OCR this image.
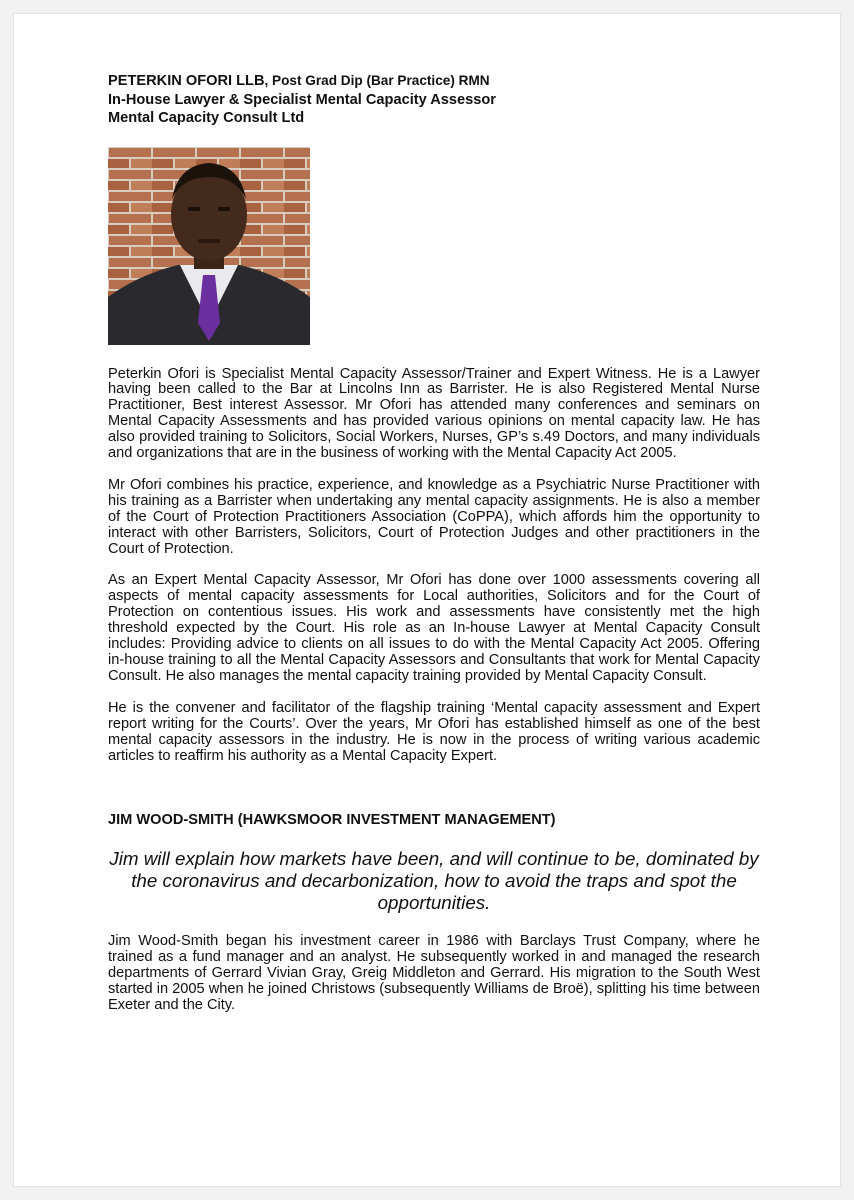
PETERKIN OFORI LLB, Post Grad Dip (Bar Practice) RMN

In-House Lawyer & Specialist Mental Capacity Assessor

Mental Capacity Consult Ltd

Peterkin Ofori is Specialist Mental Capacity Assessor/Trainer and Expert Witness. He is a Lawyer having been called to the Bar at Lincolns Inn as Barrister. He is also Registered Mental Nurse Practitioner, Best interest Assessor. Mr Ofori has attended many conferences and seminars on Mental Capacity Assessments and has provided various opinions on mental capacity law. He has also provided training to Solicitors, Social Workers, Nurses, GP’s s.49 Doctors, and many individuals and organizations that are in the business of working with the Mental Capacity Act 2005.

Mr Ofori combines his practice, experience, and knowledge as a Psychiatric Nurse Practitioner with his training as a Barrister when undertaking any mental capacity assignments. He is also a member of the Court of Protection Practitioners Association (CoPPA), which affords him the opportunity to interact with other Barristers, Solicitors, Court of Protection Judges and other practitioners in the Court of Protection.

As an Expert Mental Capacity Assessor, Mr Ofori has done over 1000 assessments covering all aspects of mental capacity assessments for Local authorities, Solicitors and for the Court of Protection on contentious issues. His work and assessments have consistently met the high threshold expected by the Court. His role as an In-house Lawyer at Mental Capacity Consult includes: Providing advice to clients on all issues to do with the Mental Capacity Act 2005. Offering in-house training to all the Mental Capacity Assessors and Consultants that work for Mental Capacity Consult. He also manages the mental capacity training provided by Mental Capacity Consult.

He is the convener and facilitator of the flagship training ‘Mental capacity assessment and Expert report writing for the Courts’. Over the years, Mr Ofori has established himself as one of the best mental capacity assessors in the industry. He is now in the process of writing various academic articles to reaffirm his authority as a Mental Capacity Expert.

JIM WOOD-SMITH (HAWKSMOOR INVESTMENT MANAGEMENT)

Jim will explain how markets have been, and will continue to be, dominated by the coronavirus and decarbonization, how to avoid the traps and spot the opportunities.

Jim Wood-Smith began his investment career in 1986 with Barclays Trust Company, where he trained as a fund manager and an analyst. He subsequently worked in and managed the research departments of Gerrard Vivian Gray, Greig Middleton and Gerrard. His migration to the South West started in 2005 when he joined Christows (subsequently Williams de Broë), splitting his time between Exeter and the City.
